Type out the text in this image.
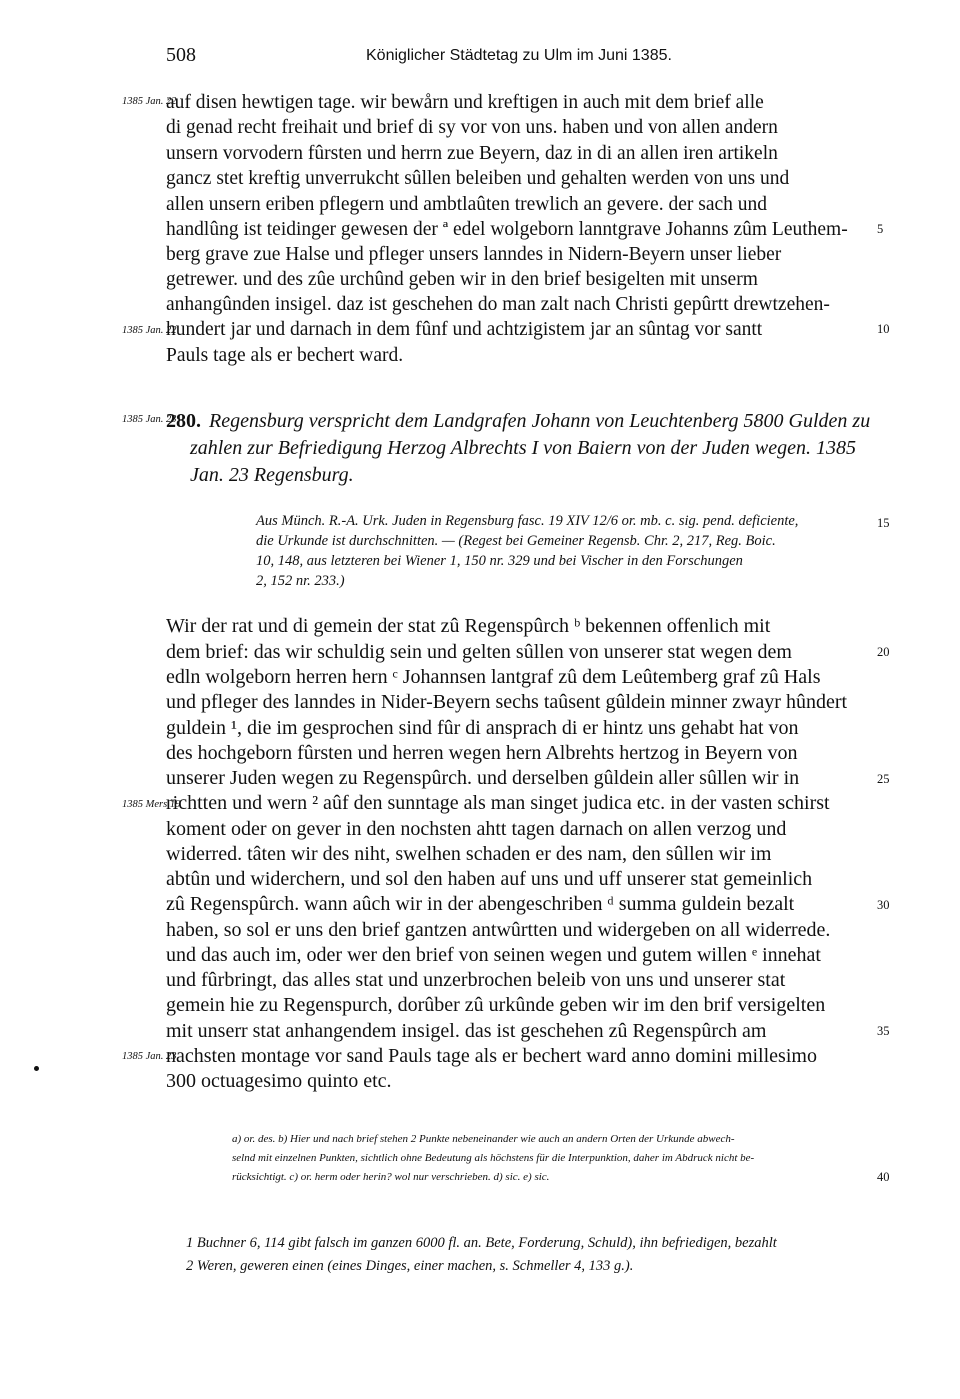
508	Königlicher Städtetag zu Ulm im Juni 1385.
auf disen hewtigen tage. wir bewårn und kreftigen in auch mit dem brief alle
di genad recht freihait und brief di sy vor von uns. haben und von allen andern
unsern vorvodern fûrsten und herrn zue Beyern, daz in di an allen iren artikeln
gancz stet kreftig unverrukcht sûllen beleiben und gehalten werden von uns und
allen unsern eriben pflegern und ambtlaûten trewlich an gevere. der sach und
handlûng ist teidinger gewesen der ª edel wolgeborn lanntgrave Johanns zûm Leuthem-
berg grave zue Halse und pfleger unsers lanndes in Nidern-Beyern unser lieber
getrewer. und des zûe urchûnd geben wir in den brief besigelten mit unserm
anhangûnden insigel. daz ist geschehen do man zalt nach Christi gepûrtt drewtzehen-
hundert jar und darnach in dem fûnf und achtzigistem jar an sûntag vor santt
Pauls tage als er bechert ward.
1385 Jan. 22
1385 Jan. 22
5
10
1385 Jan. 23
280. Regensburg verspricht dem Landgrafen Johann von Leuchtenberg 5800 Gulden zu
zahlen zur Befriedigung Herzog Albrechts I von Baiern von der Juden wegen. 1385
Jan. 23 Regensburg.
Aus Münch. R.-A. Urk. Juden in Regensburg fasc. 19 XIV 12/6 or. mb. c. sig. pend. deficiente,
die Urkunde ist durchschnitten. — (Regest bei Gemeiner Regensb. Chr. 2, 217, Reg. Boic.
10, 148, aus letzteren bei Wiener 1, 150 nr. 329 und bei Vischer in den Forschungen
2, 152 nr. 233.)
15
Wir der rat und di gemein der stat zû Regenspûrch ᵇ bekennen offenlich mit
dem brief: das wir schuldig sein und gelten sûllen von unserer stat wegen dem
edln wolgeborn herren hern ᶜ Johannsen lantgraf zû dem Leûtemberg graf zû Hals
und pfleger des lanndes in Nider-Beyern sechs taûsent gûldein minner zwayr hûndert
guldein ¹, die im gesprochen sind fûr di ansprach di er hintz uns gehabt hat von
des hochgeborn fûrsten und herren wegen hern Albrehts hertzog in Beyern von
unserer Juden wegen zu Regenspûrch. und derselben gûldein aller sûllen wir in
richtten und wern ² aûf den sunntage als man singet judica etc. in der vasten schirst
koment oder on gever in den nochsten ahtt tagen darnach on allen verzog und
widerred. tâten wir des niht, swelhen schaden er des nam, den sûllen wir im
abtûn und widerchern, und sol den haben auf uns und uff unserer stat gemeinlich
zû Regenspûrch. wann aûch wir in der abengeschriben ᵈ summa guldein bezalt
haben, so sol er uns den brief gantzen antwûrtten und widergeben on all widerrede.
und das auch im, oder wer den brief von seinen wegen und gutem willen ᵉ innehat
und fûrbringt, das alles stat und unzerbrochen beleib von uns und unserer stat
gemein hie zu Regenspurch, dorûber zû urkûnde geben wir im den brif versigelten
mit unserr stat anhangendem insigel. das ist geschehen zû Regenspûrch am
nachsten montage vor sand Pauls tage als er bechert ward anno domini millesimo
300 octuagesimo quinto etc.
1385 Mers 19
1385 Jan. 23
20
25
30
35
a) or. des. b) Hier und nach brief stehen 2 Punkte nebeneinander wie auch an andern Orten der Urkunde abwech-
selnd mit einzelnen Punkten, sichtlich ohne Bedeutung als höchstens für die Interpunktion, daher im Abdruck nicht be-
rücksichtigt. c) or. herm oder herin? wol nur verschrieben. d) sic. e) sic.	40
1 Buchner 6, 114 gibt falsch im ganzen 6000 fl. an. Bete, Forderung, Schuld), ihn befriedigen, bezahlt
2 Weren, geweren einen (eines Dinges, einer machen, s. Schmeller 4, 133 g.).
